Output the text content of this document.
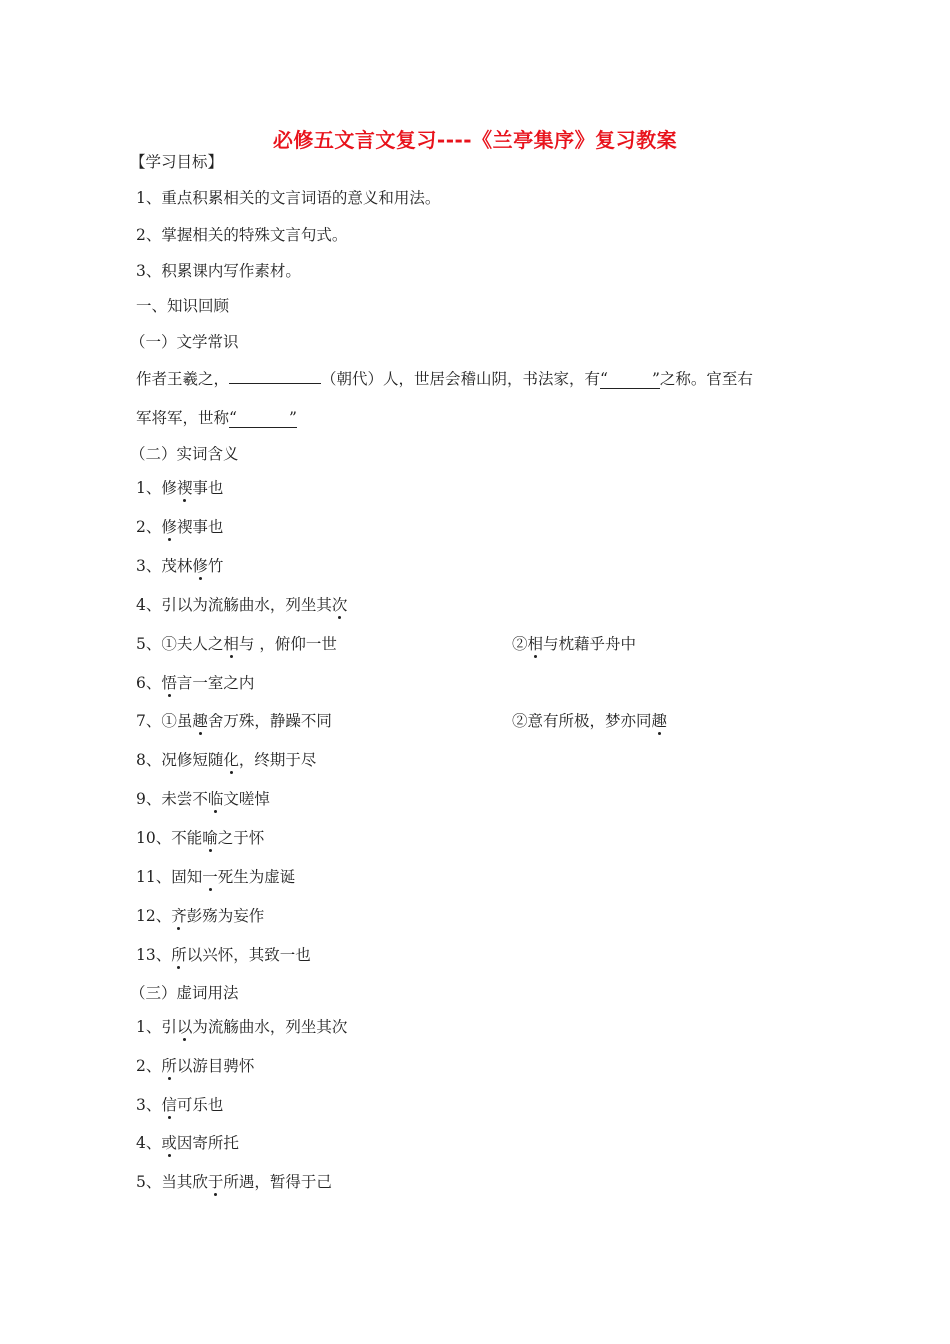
必修五文言文复习----《兰亭集序》复习教案
【学习目标】
1、重点积累相关的文言词语的意义和用法。
2、掌握相关的特殊文言句式。
3、积累课内写作素材。
一、知识回顾
（一）文学常识
作者王羲之，	（朝代）人，世居会稽山阴，书法家，有“	”之称。官至右
军将军，世称“	”
（二）实词含义
1、修禊事也
2、修禊事也
3、茂林修竹
4、引以为流觞曲水，列坐其次
5、①夫人之相与 ，俯仰一世	②相与枕藉乎舟中
6、悟言一室之内
7、①虽趣舍万殊，静躁不同	②意有所极，梦亦同趣
8、况修短随化，终期于尽
9、未尝不临文嗟悼
10、不能喻之于怀
11、固知一死生为虚诞
12、齐彭殇为妄作
13、所以兴怀，其致一也
（三）虚词用法
1、引以为流觞曲水，列坐其次
2、所以游目骋怀
3、信可乐也
4、或因寄所托
5、当其欣于所遇，暂得于己
